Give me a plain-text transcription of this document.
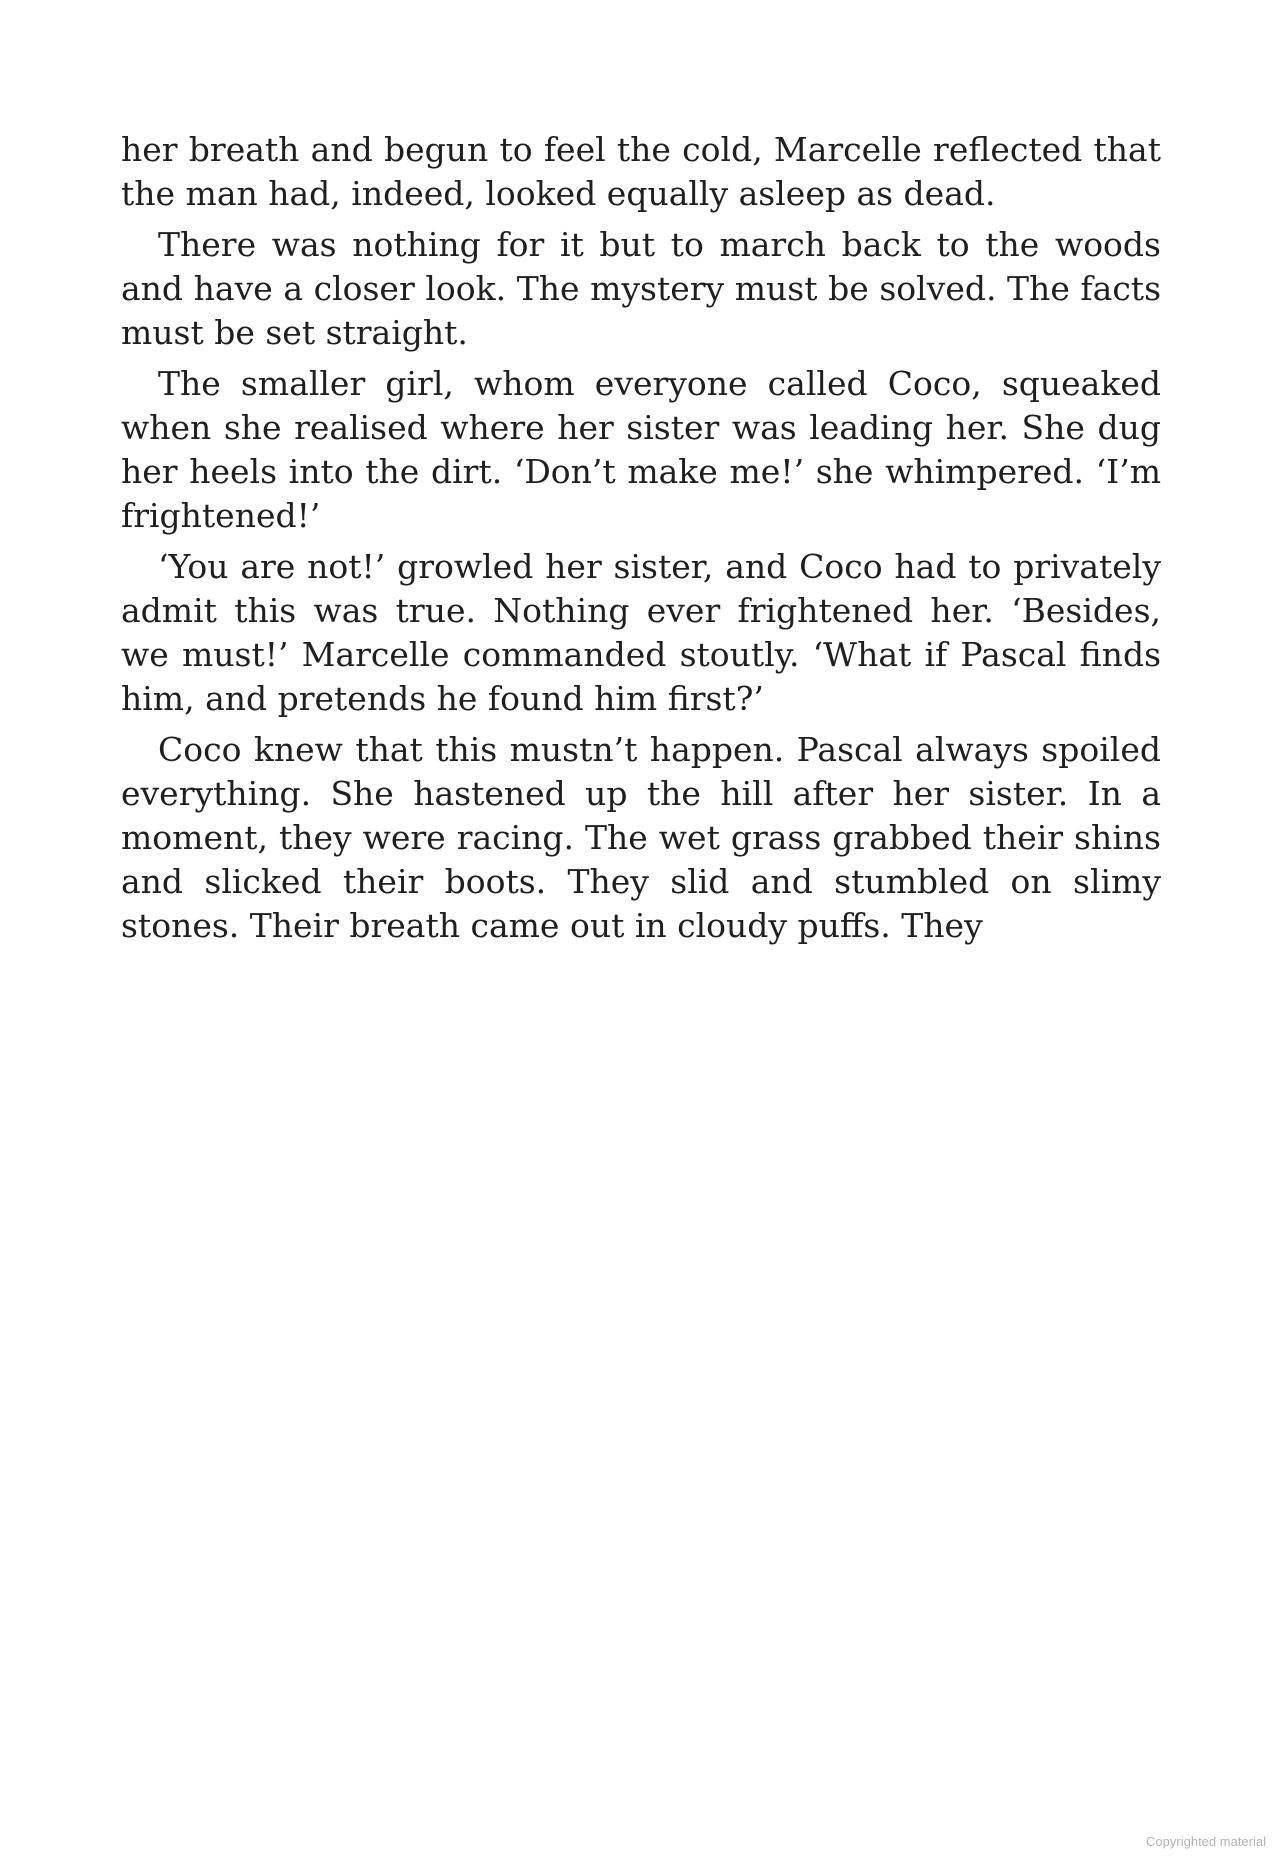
her breath and begun to feel the cold, Marcelle reflected that the man had, indeed, looked equally asleep as dead.

There was nothing for it but to march back to the woods and have a closer look. The mystery must be solved. The facts must be set straight.

The smaller girl, whom everyone called Coco, squeaked when she realised where her sister was leading her. She dug her heels into the dirt. ‘Don’t make me!’ she whimpered. ‘I’m frightened!’

‘You are not!’ growled her sister, and Coco had to privately admit this was true. Nothing ever frightened her. ‘Besides, we must!’ Marcelle commanded stoutly. ‘What if Pascal finds him, and pretends he found him first?’

Coco knew that this mustn’t happen. Pascal always spoiled everything. She hastened up the hill after her sister. In a moment, they were racing. The wet grass grabbed their shins and slicked their boots. They slid and stumbled on slimy stones. Their breath came out in cloudy puffs. They

Copyrighted material
